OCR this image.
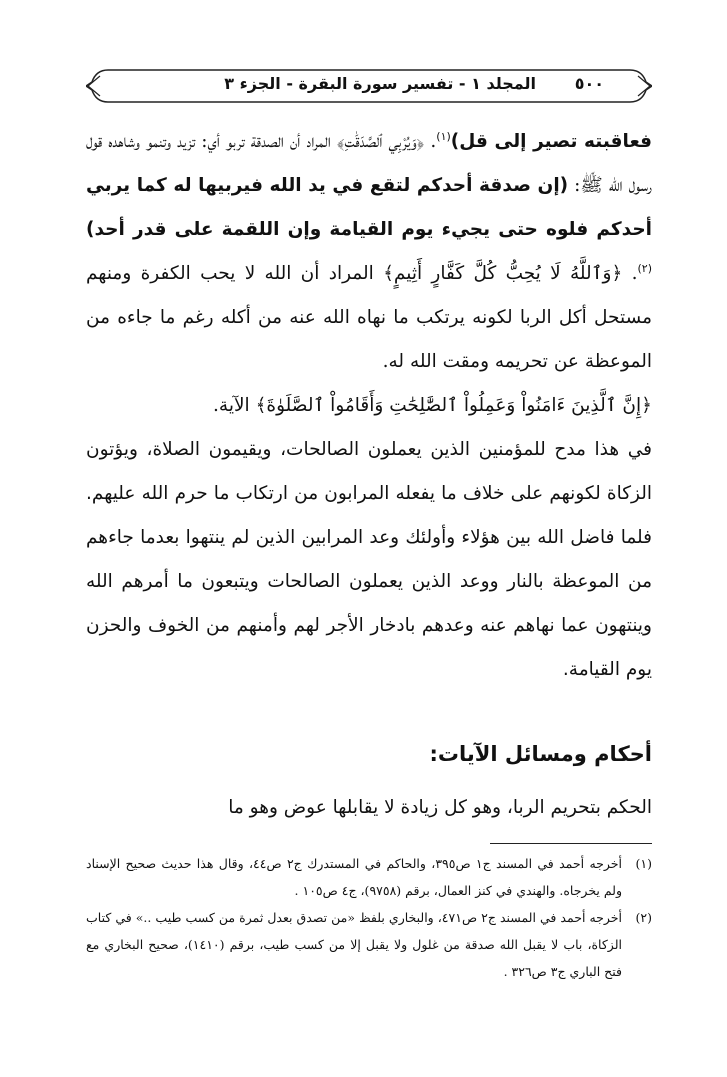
المجلد ١ - تفسير سورة البقرة - الجزء ٣	٥٠٠

فعاقبته تصير إلى قل)$^{(١)}$. ﴿وَيُرْبِي ٱلصَّدَقَٰتِ﴾ المراد أن الصدقة تربو أي: تزيد وتنمو وشاهده قول رسول الله ﷺ: (إن صدقة أحدكم لتقع في يد الله فيربيها له كما يربي أحدكم فلوه حتى يجيء يوم القيامة وإن اللقمة على قدر أحد)$^{(٢)}$. ﴿وَٱللَّهُ لَا يُحِبُّ كُلَّ كَفَّارٍ أَثِيمٍ﴾ المراد أن الله لا يحب الكفرة ومنهم مستحل أكل الربا لكونه يرتكب ما نهاه الله عنه من أكله رغم ما جاءه من الموعظة عن تحريمه ومقت الله له.

﴿إِنَّ ٱلَّذِينَ ءَامَنُواْ وَعَمِلُواْ ٱلصَّٰلِحَٰتِ وَأَقَامُواْ ٱلصَّلَوٰةَ﴾ الآية.

في هذا مدح للمؤمنين الذين يعملون الصالحات، ويقيمون الصلاة، ويؤتون الزكاة لكونهم على خلاف ما يفعله المرابون من ارتكاب ما حرم الله عليهم. فلما فاضل الله بين هؤلاء وأولئك وعد المرابين الذين لم ينتهوا بعدما جاءهم من الموعظة بالنار ووعد الذين يعملون الصالحات ويتبعون ما أمرهم الله وينتهون عما نهاهم عنه وعدهم بادخار الأجر لهم وأمنهم من الخوف والحزن يوم القيامة.

أحكام ومسائل الآيات:
الحكم بتحريم الربا، وهو كل زيادة لا يقابلها عوض وهو ما
(١)
أخرجه أحمد في المسند ج١ ص٣٩٥، والحاكم في المستدرك ج٢ ص٤٤، وقال هذا حديث صحيح الإسناد ولم يخرجاه. والهندي في كنز العمال، برقم (٩٧٥٨)، ج٤ ص١٠٥ .
(٢)
أخرجه أحمد في المسند ج٢ ص٤٧١، والبخاري بلفظ «من تصدق بعدل ثمرة من كسب طيب ..» في كتاب الزكاة، باب لا يقبل الله صدقة من غلول ولا يقبل إلا من كسب طيب، برقم (١٤١٠)، صحيح البخاري مع فتح الباري ج٣ ص٣٢٦ .
